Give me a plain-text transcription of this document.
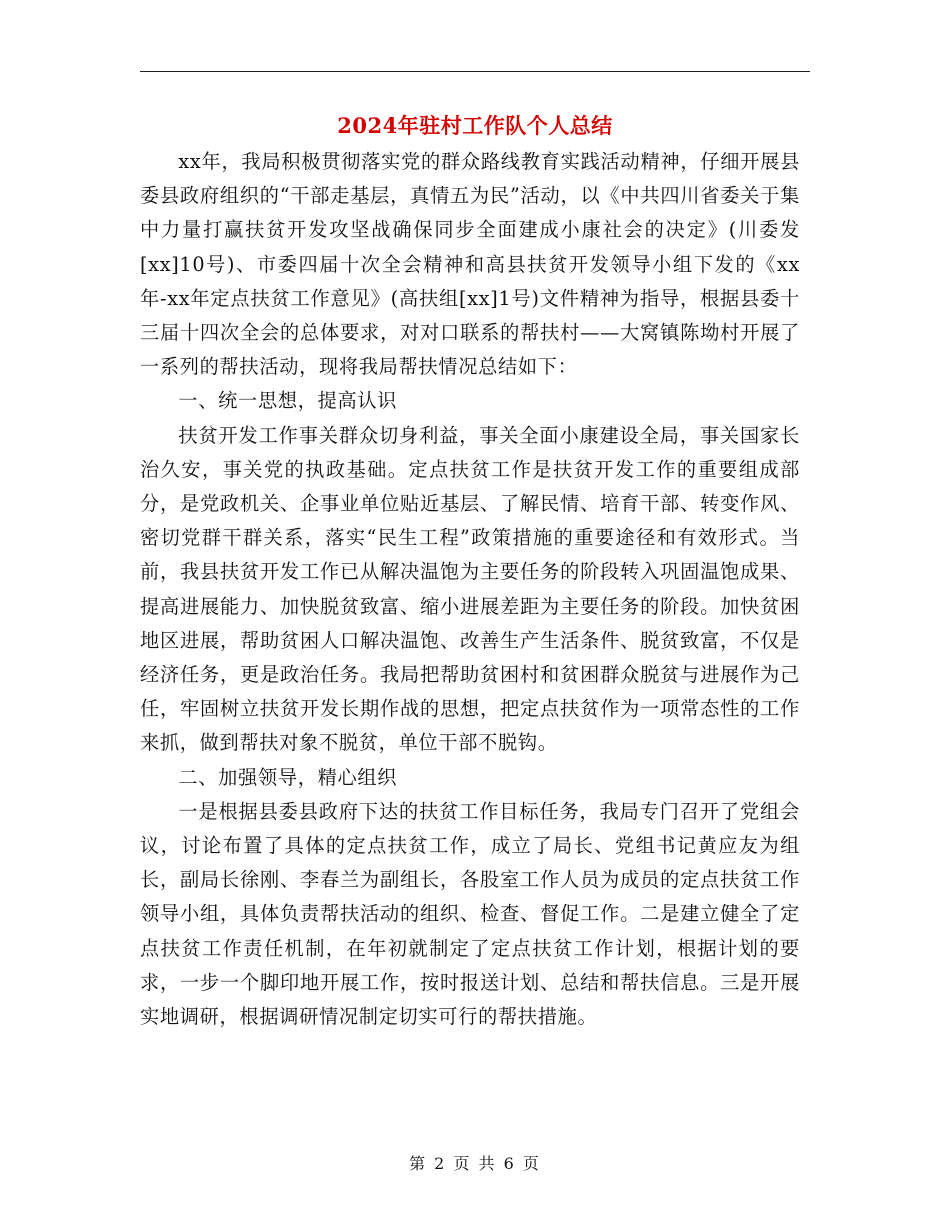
2024年驻村工作队个人总结

xx年，我局积极贯彻落实党的群众路线教育实践活动精神，仔细开展县委县政府组织的“干部走基层，真情五为民”活动，以《中共四川省委关于集中力量打赢扶贫开发攻坚战确保同步全面建成小康社会的决定》(川委发[xx]10号)、市委四届十次全会精神和高县扶贫开发领导小组下发的《xx年-xx年定点扶贫工作意见》(高扶组[xx]1号)文件精神为指导，根据县委十三届十四次全会的总体要求，对对口联系的帮扶村——大窝镇陈坳村开展了一系列的帮扶活动，现将我局帮扶情况总结如下：

一、统一思想，提高认识

扶贫开发工作事关群众切身利益，事关全面小康建设全局，事关国家长治久安，事关党的执政基础。定点扶贫工作是扶贫开发工作的重要组成部分，是党政机关、企事业单位贴近基层、了解民情、培育干部、转变作风、密切党群干群关系，落实“民生工程”政策措施的重要途径和有效形式。当前，我县扶贫开发工作已从解决温饱为主要任务的阶段转入巩固温饱成果、提高进展能力、加快脱贫致富、缩小进展差距为主要任务的阶段。加快贫困地区进展，帮助贫困人口解决温饱、改善生产生活条件、脱贫致富，不仅是经济任务，更是政治任务。我局把帮助贫困村和贫困群众脱贫与进展作为己任，牢固树立扶贫开发长期作战的思想，把定点扶贫作为一项常态性的工作来抓，做到帮扶对象不脱贫，单位干部不脱钩。

二、加强领导，精心组织

一是根据县委县政府下达的扶贫工作目标任务，我局专门召开了党组会议，讨论布置了具体的定点扶贫工作，成立了局长、党组书记黄应友为组长，副局长徐刚、李春兰为副组长，各股室工作人员为成员的定点扶贫工作领导小组，具体负责帮扶活动的组织、检查、督促工作。二是建立健全了定点扶贫工作责任机制，在年初就制定了定点扶贫工作计划，根据计划的要求，一步一个脚印地开展工作，按时报送计划、总结和帮扶信息。三是开展实地调研，根据调研情况制定切实可行的帮扶措施。

第 2 页 共 6 页
